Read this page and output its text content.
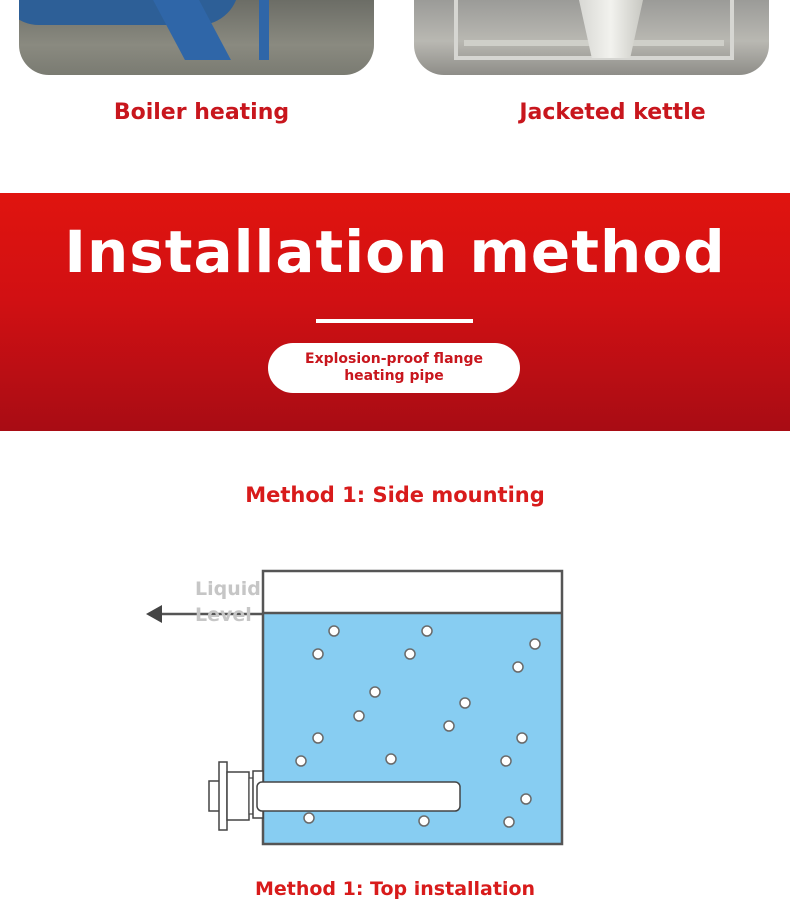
Boiler heating	Jacketed kettle
Installation method
Explosion-proof flange heating pipe
Method 1: Side mounting
Liquid Level
Method 1: Top installation
